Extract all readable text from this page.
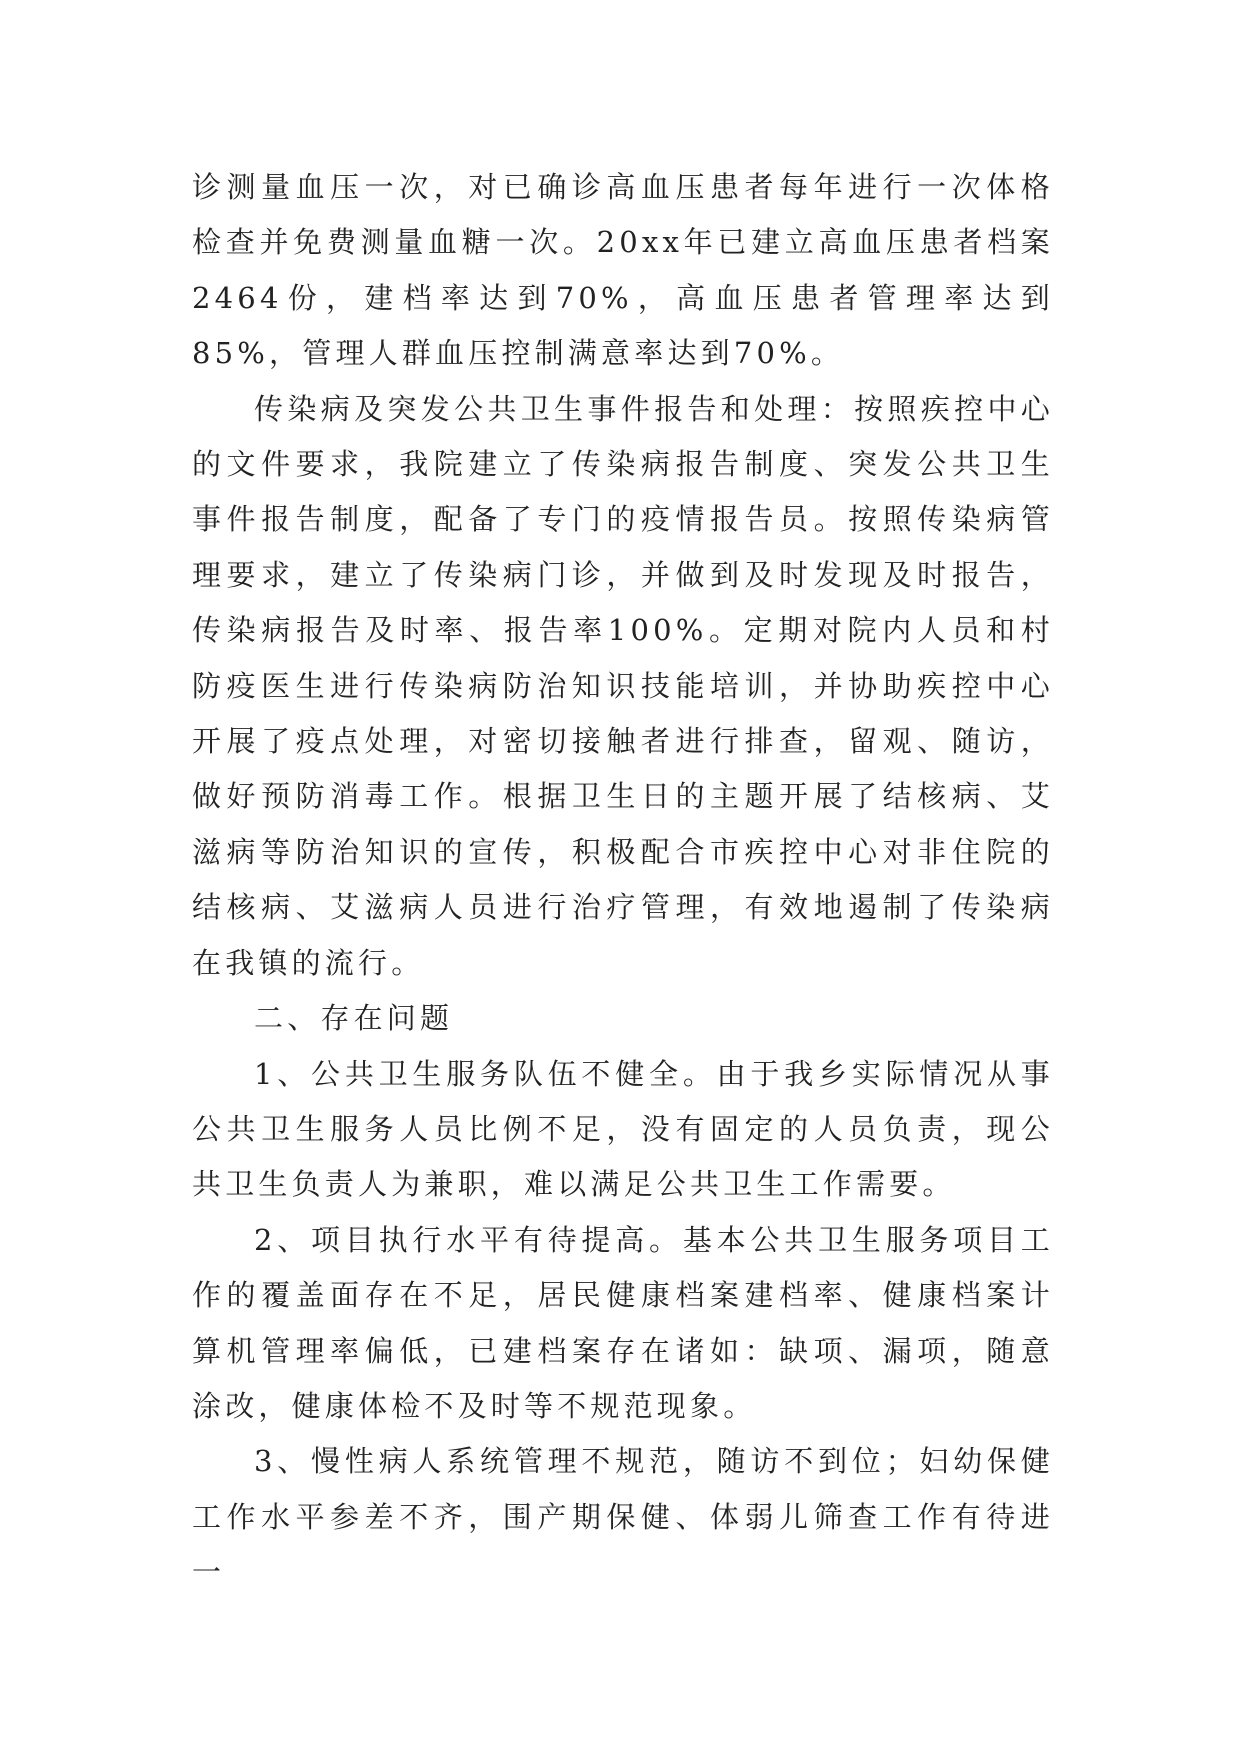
诊测量血压一次，对已确诊高血压患者每年进行一次体格检查并免费测量血糖一次。20xx年已建立高血压患者档案2464份，建档率达到70%，高血压患者管理率达到85%，管理人群血压控制满意率达到70%。

传染病及突发公共卫生事件报告和处理：按照疾控中心的文件要求，我院建立了传染病报告制度、突发公共卫生事件报告制度，配备了专门的疫情报告员。按照传染病管理要求，建立了传染病门诊，并做到及时发现及时报告，传染病报告及时率、报告率100%。定期对院内人员和村防疫医生进行传染病防治知识技能培训，并协助疾控中心开展了疫点处理，对密切接触者进行排查，留观、随访，做好预防消毒工作。根据卫生日的主题开展了结核病、艾滋病等防治知识的宣传，积极配合市疾控中心对非住院的结核病、艾滋病人员进行治疗管理，有效地遏制了传染病在我镇的流行。

二、存在问题

1、公共卫生服务队伍不健全。由于我乡实际情况从事公共卫生服务人员比例不足，没有固定的人员负责，现公共卫生负责人为兼职，难以满足公共卫生工作需要。

2、项目执行水平有待提高。基本公共卫生服务项目工作的覆盖面存在不足，居民健康档案建档率、健康档案计算机管理率偏低，已建档案存在诸如：缺项、漏项，随意涂改，健康体检不及时等不规范现象。

3、慢性病人系统管理不规范，随访不到位；妇幼保健工作水平参差不齐，围产期保健、体弱儿筛查工作有待进一
